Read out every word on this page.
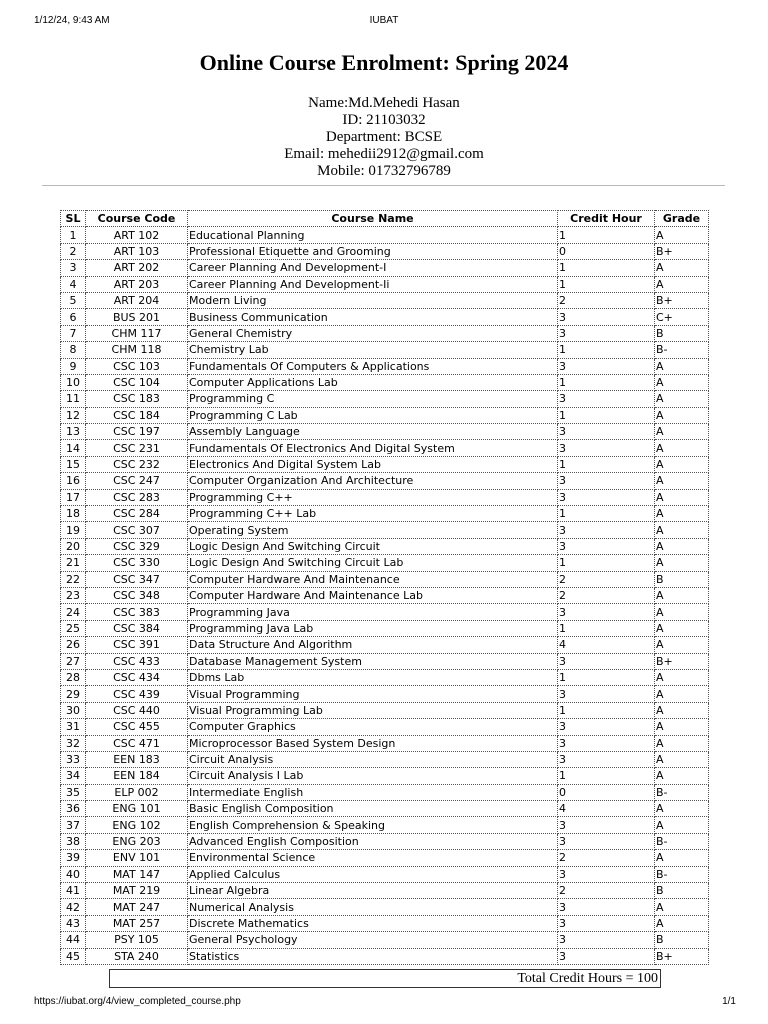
1/12/24, 9:43 AM	IUBAT
Online Course Enrolment: Spring 2024
Name:Md.Mehedi Hasan
ID: 21103032
Department: BCSE
Email: mehedii2912@gmail.com
Mobile: 01732796789
SL	Course Code	Course Name	Credit Hour	Grade
1	ART 102	Educational Planning	1	A
2	ART 103	Professional Etiquette and Grooming	0	B+
3	ART 202	Career Planning And Development-I	1	A
4	ART 203	Career Planning And Development-Ii	1	A
5	ART 204	Modern Living	2	B+
6	BUS 201	Business Communication	3	C+
7	CHM 117	General Chemistry	3	B
8	CHM 118	Chemistry Lab	1	B-
9	CSC 103	Fundamentals Of Computers & Applications	3	A
10	CSC 104	Computer Applications Lab	1	A
11	CSC 183	Programming C	3	A
12	CSC 184	Programming C Lab	1	A
13	CSC 197	Assembly Language	3	A
14	CSC 231	Fundamentals Of Electronics And Digital System	3	A
15	CSC 232	Electronics And Digital System Lab	1	A
16	CSC 247	Computer Organization And Architecture	3	A
17	CSC 283	Programming C++	3	A
18	CSC 284	Programming C++ Lab	1	A
19	CSC 307	Operating System	3	A
20	CSC 329	Logic Design And Switching Circuit	3	A
21	CSC 330	Logic Design And Switching Circuit Lab	1	A
22	CSC 347	Computer Hardware And Maintenance	2	B
23	CSC 348	Computer Hardware And Maintenance Lab	2	A
24	CSC 383	Programming Java	3	A
25	CSC 384	Programming Java Lab	1	A
26	CSC 391	Data Structure And Algorithm	4	A
27	CSC 433	Database Management System	3	B+
28	CSC 434	Dbms Lab	1	A
29	CSC 439	Visual Programming	3	A
30	CSC 440	Visual Programming Lab	1	A
31	CSC 455	Computer Graphics	3	A
32	CSC 471	Microprocessor Based System Design	3	A
33	EEN 183	Circuit Analysis	3	A
34	EEN 184	Circuit Analysis I Lab	1	A
35	ELP 002	Intermediate English	0	B-
36	ENG 101	Basic English Composition	4	A
37	ENG 102	English Comprehension & Speaking	3	A
38	ENG 203	Advanced English Composition	3	B-
39	ENV 101	Environmental Science	2	A
40	MAT 147	Applied Calculus	3	B-
41	MAT 219	Linear Algebra	2	B
42	MAT 247	Numerical Analysis	3	A
43	MAT 257	Discrete Mathematics	3	A
44	PSY 105	General Psychology	3	B
45	STA 240	Statistics	3	B+
Total Credit Hours = 100
https://iubat.org/4/view_completed_course.php	1/1
